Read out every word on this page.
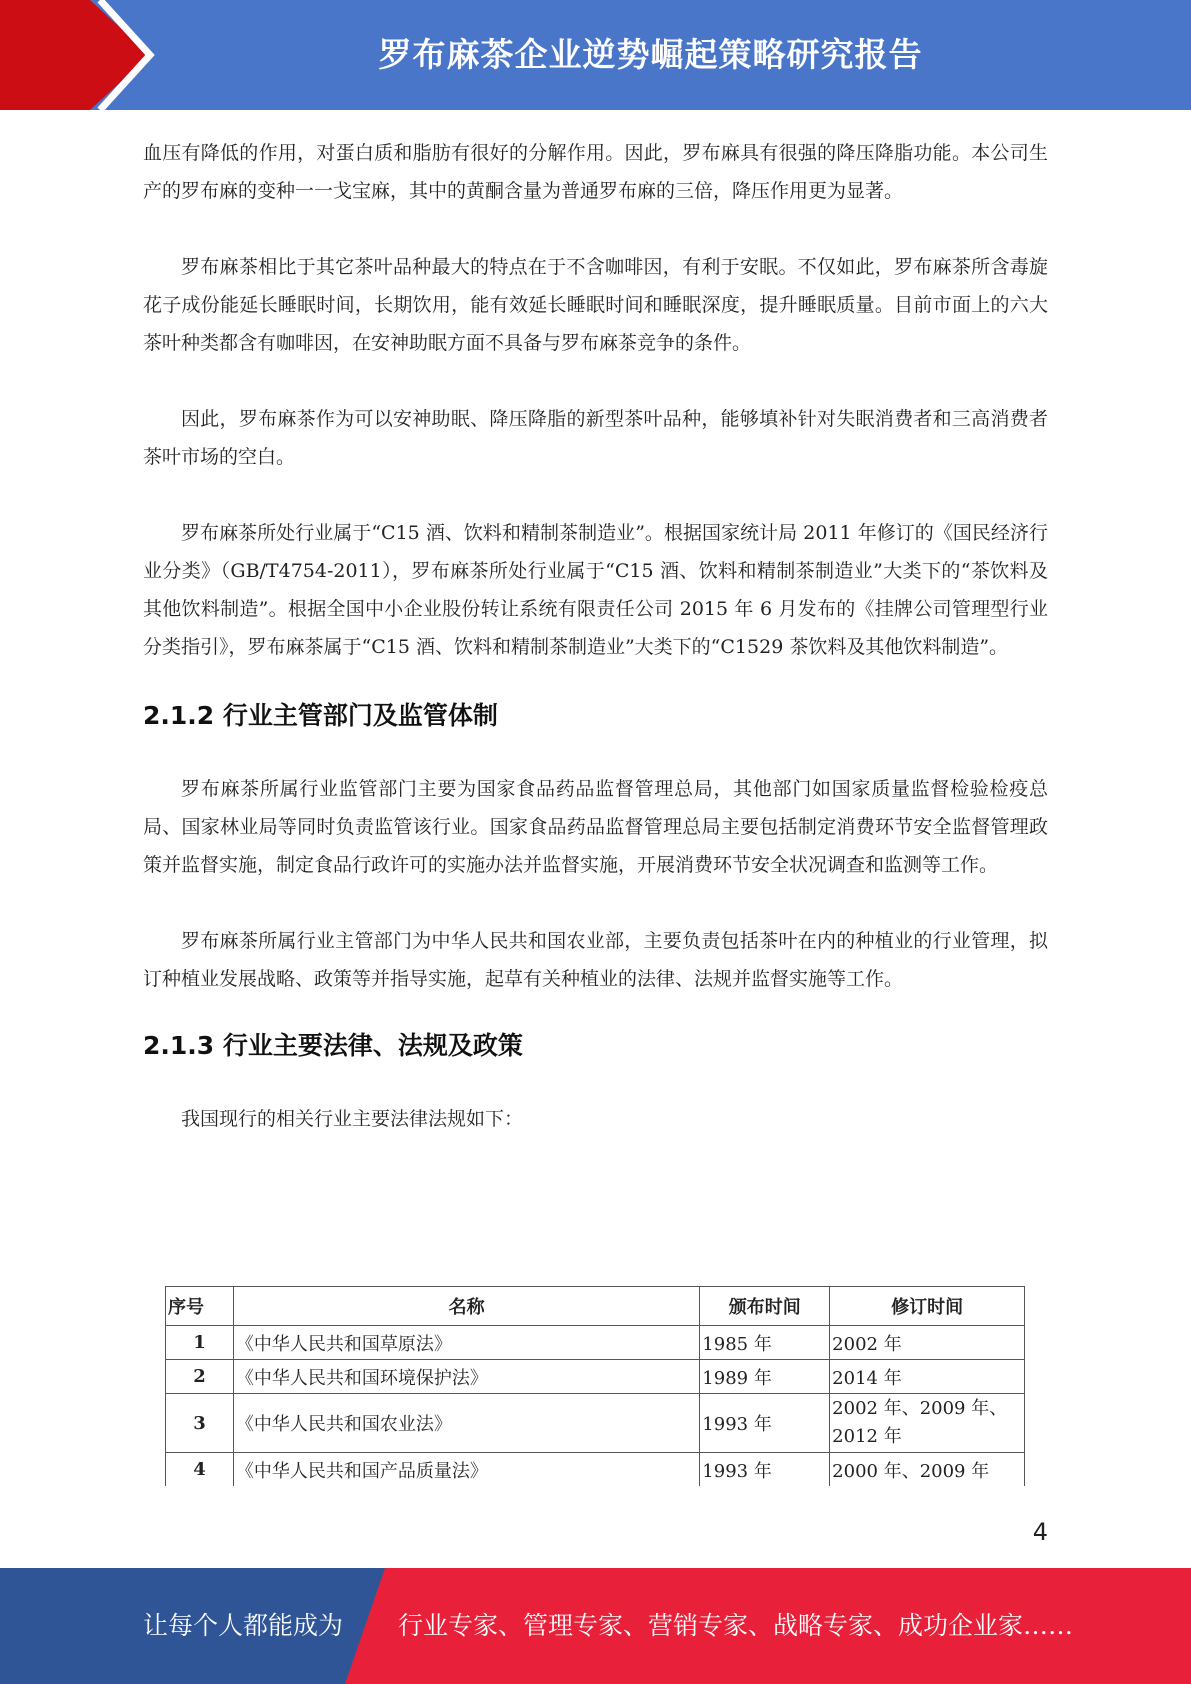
罗布麻茶企业逆势崛起策略研究报告

血压有降低的作用，对蛋白质和脂肪有很好的分解作用。因此，罗布麻具有很强的降压降脂功能。本公司生产的罗布麻的变种一一戈宝麻，其中的黄酮含量为普通罗布麻的三倍，降压作用更为显著。

罗布麻茶相比于其它茶叶品种最大的特点在于不含咖啡因，有利于安眠。不仅如此，罗布麻茶所含毒旋花子成份能延长睡眠时间，长期饮用，能有效延长睡眠时间和睡眠深度，提升睡眠质量。目前市面上的六大茶叶种类都含有咖啡因，在安神助眠方面不具备与罗布麻茶竞争的条件。

因此，罗布麻茶作为可以安神助眠、降压降脂的新型茶叶品种，能够填补针对失眠消费者和三高消费者茶叶市场的空白。

罗布麻茶所处行业属于“C15 酒、饮料和精制茶制造业”。根据国家统计局 2011 年修订的《国民经济行业分类》（GB/T4754-2011），罗布麻茶所处行业属于“C15 酒、饮料和精制茶制造业”大类下的“茶饮料及其他饮料制造”。根据全国中小企业股份转让系统有限责任公司 2015 年 6 月发布的《挂牌公司管理型行业分类指引》，罗布麻茶属于“C15 酒、饮料和精制茶制造业”大类下的“C1529 茶饮料及其他饮料制造”。

2.1.2 行业主管部门及监管体制

罗布麻茶所属行业监管部门主要为国家食品药品监督管理总局，其他部门如国家质量监督检验检疫总局、国家林业局等同时负责监管该行业。国家食品药品监督管理总局主要包括制定消费环节安全监督管理政策并监督实施，制定食品行政许可的实施办法并监督实施，开展消费环节安全状况调查和监测等工作。

罗布麻茶所属行业主管部门为中华人民共和国农业部，主要负责包括茶叶在内的种植业的行业管理，拟订种植业发展战略、政策等并指导实施，起草有关种植业的法律、法规并监督实施等工作。

2.1.3 行业主要法律、法规及政策

我国现行的相关行业主要法律法规如下：

序号	名称	颁布时间	修订时间
1	《中华人民共和国草原法》	1985 年	2002 年
2	《中华人民共和国环境保护法》	1989 年	2014 年
3	《中华人民共和国农业法》	1993 年	2002 年、2009 年、2012 年
4	《中华人民共和国产品质量法》	1993 年	2000 年、2009 年
4
让每个人都能成为 行业专家、管理专家、营销专家、战略专家、成功企业家……
